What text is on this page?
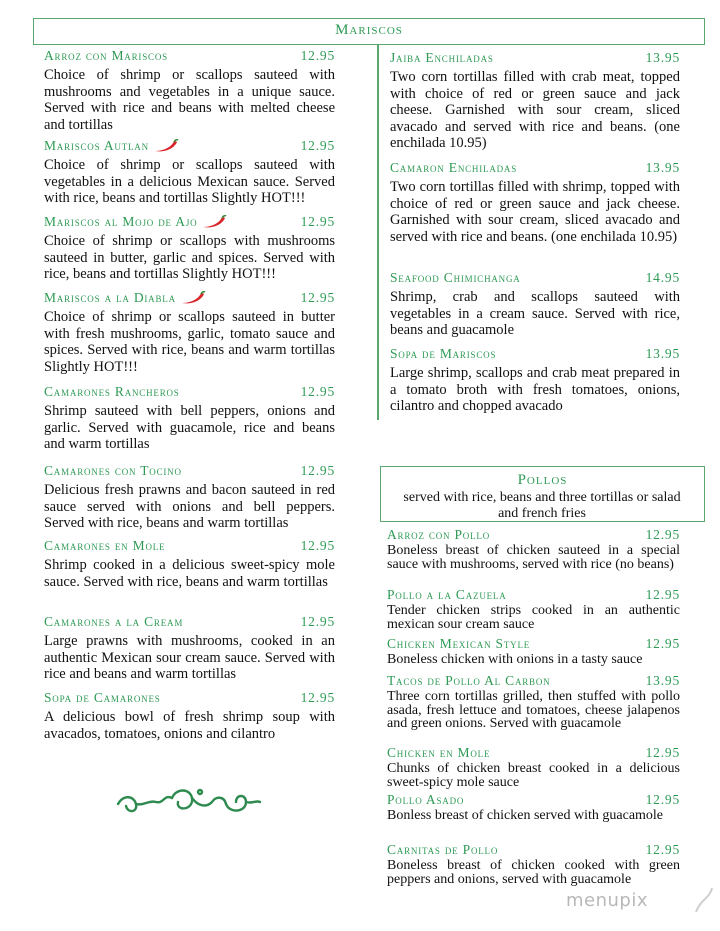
Mariscos
Arroz con Mariscos	12.95
Choice of shrimp or scallops sauteed with mushrooms and vegetables in a unique sauce. Served with rice and beans with melted cheese and tortillas
Mariscos Autlan	12.95
Choice of shrimp or scallops sauteed with vegetables in a delicious Mexican sauce. Served with rice, beans and tortillas Slightly HOT!!!
Mariscos al Mojo de Ajo	12.95
Choice of shrimp or scallops with mushrooms sauteed in butter, garlic and spices. Served with rice, beans and tortillas Slightly HOT!!!
Mariscos a la Diabla	12.95
Choice of shrimp or scallops sauteed in butter with fresh mushrooms, garlic, tomato sauce and spices. Served with rice, beans and warm tortillas Slightly HOT!!!
Camarones Rancheros	12.95
Shrimp sauteed with bell peppers, onions and garlic. Served with guacamole, rice and beans and warm tortillas
Camarones con Tocino	12.95
Delicious fresh prawns and bacon sauteed in red sauce served with onions and bell peppers. Served with rice, beans and warm tortillas
Camarones en Mole	12.95
Shrimp cooked in a delicious sweet-spicy mole sauce. Served with rice, beans and warm tortillas
Camarones a la Cream	12.95
Large prawns with mushrooms, cooked in an authentic Mexican sour cream sauce. Served with rice and beans and warm tortillas
Sopa de Camarones	12.95
A delicious bowl of fresh shrimp soup with avacados, tomatoes, onions and cilantro
Jaiba Enchiladas	13.95
Two corn tortillas filled with crab meat, topped with choice of red or green sauce and jack cheese. Garnished with sour cream, sliced avacado and served with rice and beans. (one enchilada 10.95)
Camaron Enchiladas	13.95
Two corn tortillas filled with shrimp, topped with choice of red or green sauce and jack cheese. Garnished with sour cream, sliced avacado and served with rice and beans. (one enchilada 10.95)
Seafood Chimichanga	14.95
Shrimp, crab and scallops sauteed with vegetables in a cream sauce. Served with rice, beans and guacamole
Sopa de Mariscos	13.95
Large shrimp, scallops and crab meat prepared in a tomato broth with fresh tomatoes, onions, cilantro and chopped avacado
Pollos
served with rice, beans and three tortillas or salad and french fries
Arroz con Pollo	12.95
Boneless breast of chicken sauteed in a special sauce with mushrooms, served with rice (no beans)
Pollo a la Cazuela	12.95
Tender chicken strips cooked in an authentic mexican sour cream sauce
Chicken Mexican Style	12.95
Boneless chicken with onions in a tasty sauce
Tacos de Pollo Al Carbon	13.95
Three corn tortillas grilled, then stuffed with pollo asada, fresh lettuce and tomatoes, cheese jalapenos and green onions. Served with guacamole
Chicken en Mole	12.95
Chunks of chicken breast cooked in a delicious sweet-spicy mole sauce
Pollo Asado	12.95
Bonless breast of chicken served with guacamole
Carnitas de Pollo	12.95
Boneless breast of chicken cooked with green peppers and onions, served with guacamole
menupix
